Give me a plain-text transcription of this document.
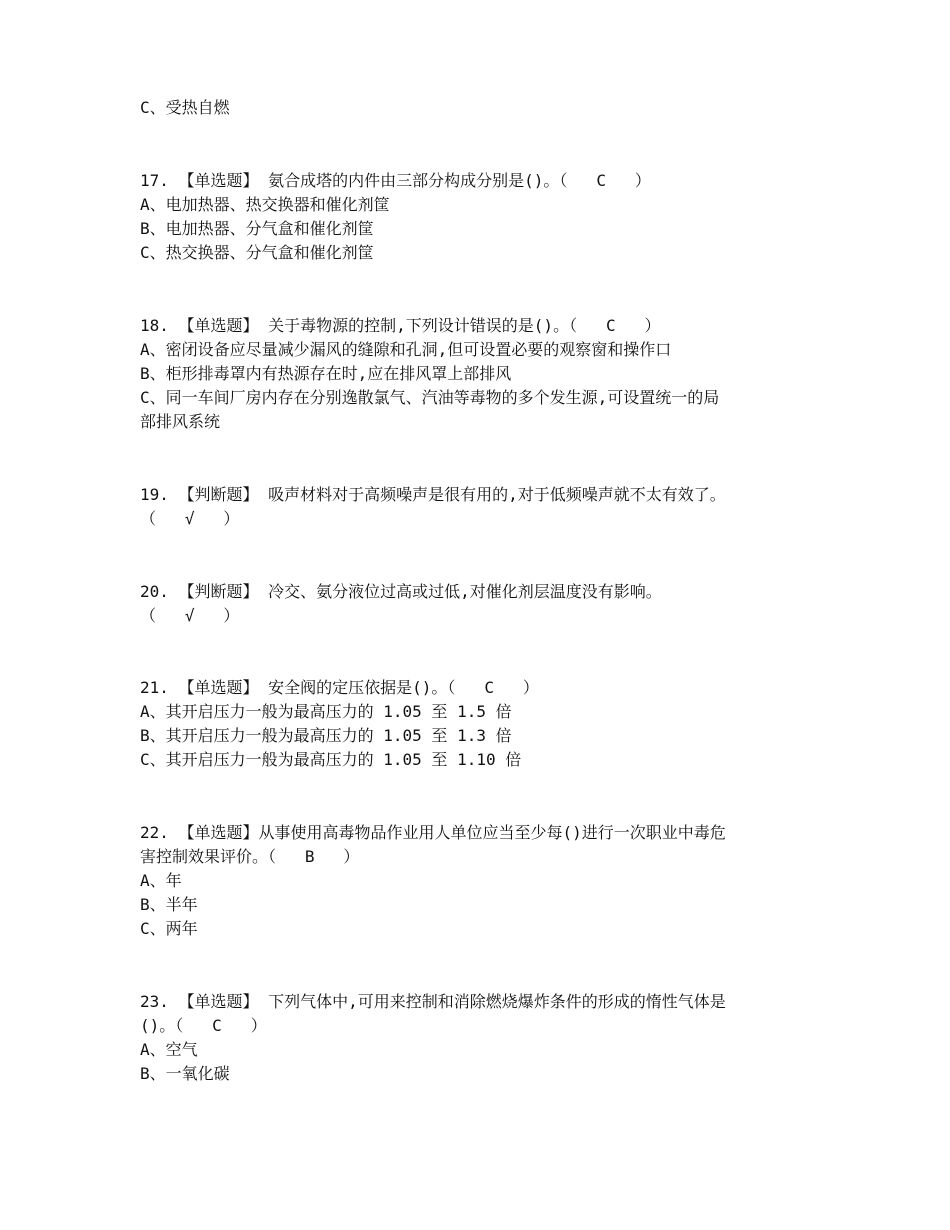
C、受热自燃
17. 【单选题】 氨合成塔的内件由三部分构成分别是()。（   C   ）
A、电加热器、热交换器和催化剂筐
B、电加热器、分气盒和催化剂筐
C、热交换器、分气盒和催化剂筐
18. 【单选题】 关于毒物源的控制,下列设计错误的是()。（   C   ）
A、密闭设备应尽量减少漏风的缝隙和孔洞,但可设置必要的观察窗和操作口
B、柜形排毒罩内有热源存在时,应在排风罩上部排风
C、同一车间厂房内存在分别逸散氯气、汽油等毒物的多个发生源,可设置统一的局
部排风系统
19. 【判断题】 吸声材料对于高频噪声是很有用的,对于低频噪声就不太有效了。
（   √   ）
20. 【判断题】 冷交、氨分液位过高或过低,对催化剂层温度没有影响。
（   √   ）
21. 【单选题】 安全阀的定压依据是()。（   C   ）
A、其开启压力一般为最高压力的 1.05 至 1.5 倍
B、其开启压力一般为最高压力的 1.05 至 1.3 倍
C、其开启压力一般为最高压力的 1.05 至 1.10 倍
22. 【单选题】从事使用高毒物品作业用人单位应当至少每()进行一次职业中毒危
害控制效果评价。（   B   ）
A、年
B、半年
C、两年
23. 【单选题】 下列气体中,可用来控制和消除燃烧爆炸条件的形成的惰性气体是
()。（   C   ）
A、空气
B、一氧化碳
